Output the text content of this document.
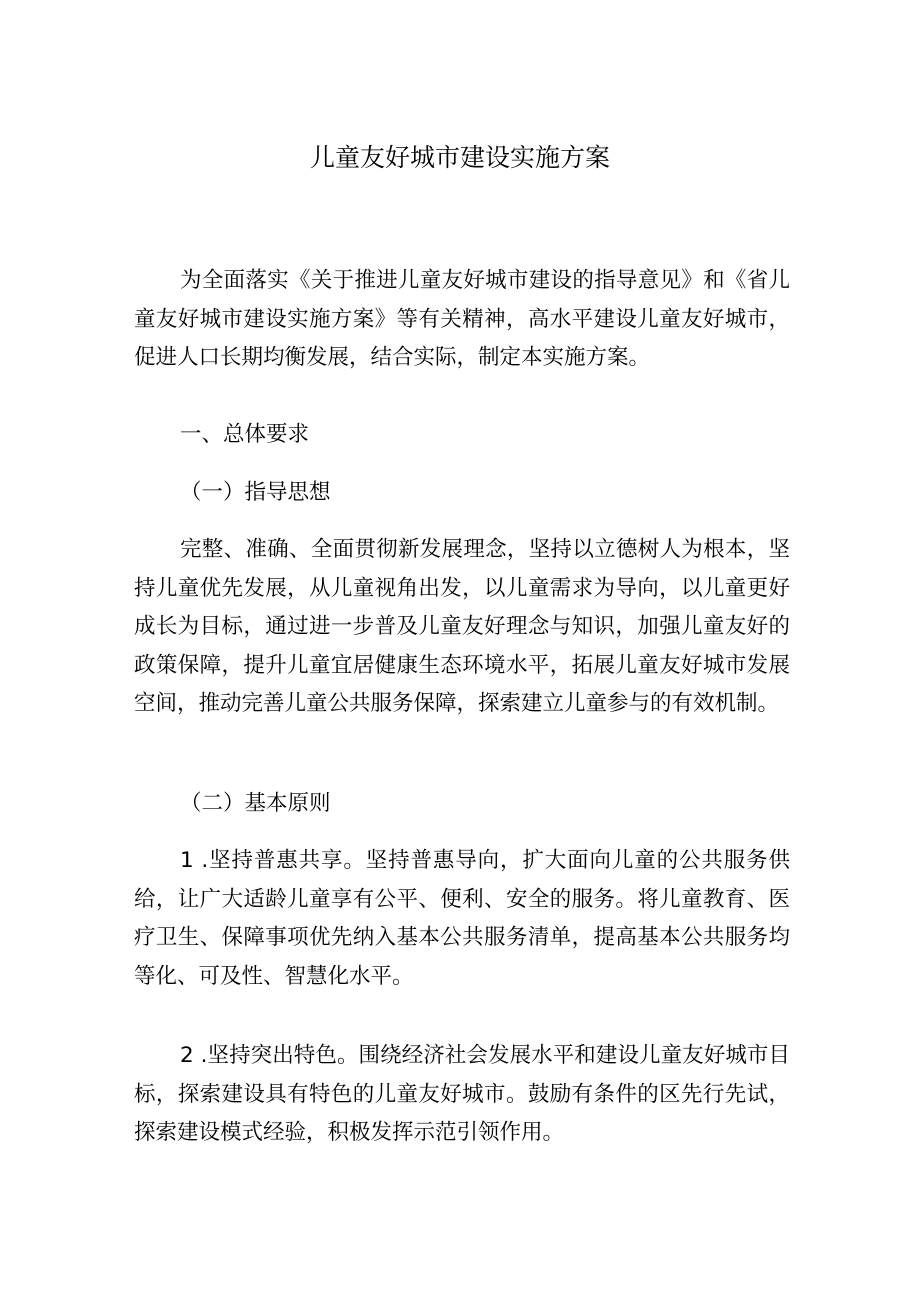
儿童友好城市建设实施方案

为全面落实《关于推进儿童友好城市建设的指导意见》和《省儿童友好城市建设实施方案》等有关精神，高水平建设儿童友好城市，促进人口长期均衡发展，结合实际，制定本实施方案。

一、总体要求

（一）指导思想

完整、准确、全面贯彻新发展理念，坚持以立德树人为根本，坚持儿童优先发展，从儿童视角出发，以儿童需求为导向，以儿童更好成长为目标，通过进一步普及儿童友好理念与知识，加强儿童友好的政策保障，提升儿童宜居健康生态环境水平，拓展儿童友好城市发展空间，推动完善儿童公共服务保障，探索建立儿童参与的有效机制。

（二）基本原则

1 .坚持普惠共享。坚持普惠导向，扩大面向儿童的公共服务供给，让广大适龄儿童享有公平、便利、安全的服务。将儿童教育、医疗卫生、保障事项优先纳入基本公共服务清单，提高基本公共服务均等化、可及性、智慧化水平。

2 .坚持突出特色。围绕经济社会发展水平和建设儿童友好城市目标，探索建设具有特色的儿童友好城市。鼓励有条件的区先行先试，探索建设模式经验，积极发挥示范引领作用。
